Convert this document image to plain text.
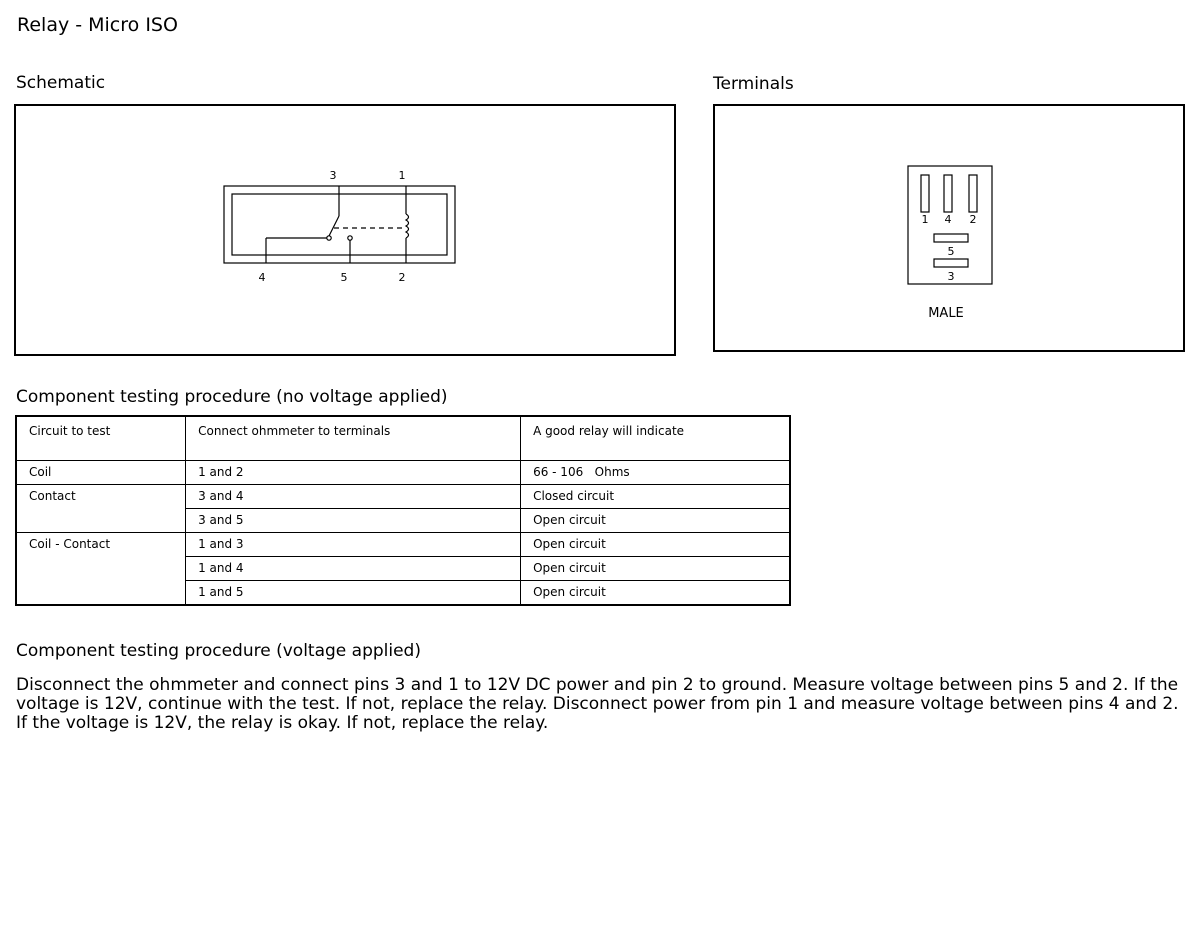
Relay - Micro ISO
Schematic
3	1
4	5	2
Terminals
1 4 2
5
3
MALE
Component testing procedure (no voltage applied)
Circuit to test	Connect ohmmeter to terminals	A good relay will indicate
Coil	1 and 2	66 - 106   Ohms
Contact	3 and 4	Closed circuit
	3 and 5	Open circuit
Coil - Contact	1 and 3	Open circuit
	1 and 4	Open circuit
	1 and 5	Open circuit
Component testing procedure (voltage applied)
Disconnect the ohmmeter and connect pins 3 and 1 to 12V DC power and pin 2 to ground. Measure voltage between pins 5 and 2. If the voltage is 12V, continue with the test. If not, replace the relay. Disconnect power from pin 1 and measure voltage between pins 4 and 2. If the voltage is 12V, the relay is okay. If not, replace the relay.
